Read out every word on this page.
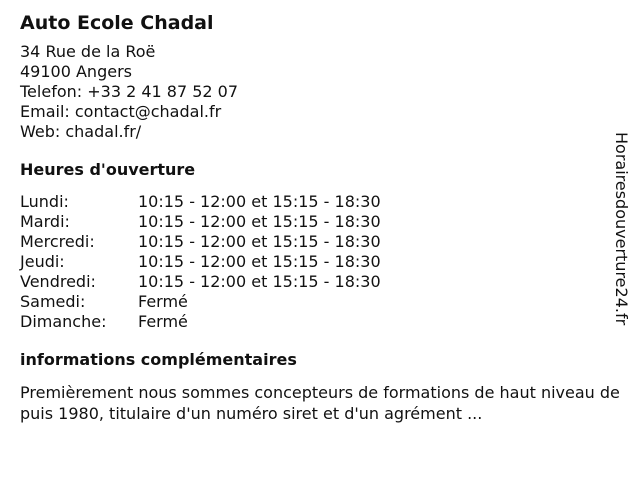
Auto Ecole Chadal
34 Rue de la Roë
49100 Angers
Telefon: +33 2 41 87 52 07
Email: contact@chadal.fr
Web: chadal.fr/
Heures d'ouverture
Lundi:	10:15 - 12:00 et 15:15 - 18:30
Mardi:	10:15 - 12:00 et 15:15 - 18:30
Mercredi:	10:15 - 12:00 et 15:15 - 18:30
Jeudi:	10:15 - 12:00 et 15:15 - 18:30
Vendredi:	10:15 - 12:00 et 15:15 - 18:30
Samedi:	Fermé
Dimanche:	Fermé
informations complémentaires
Premièrement nous sommes concepteurs de formations de haut niveau depuis 1980, titulaire d'un numéro siret et d'un agrément ...
Horairesdouverture24.fr
